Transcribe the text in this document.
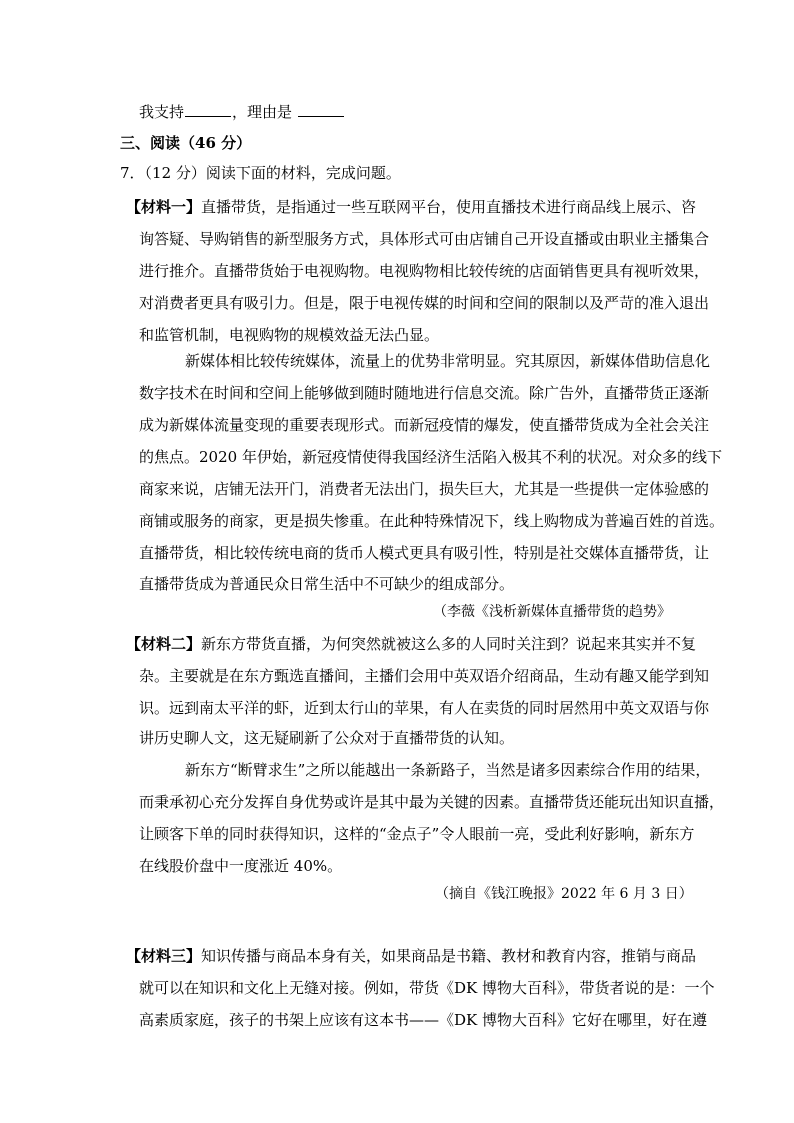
我支持	，理由是
三、阅读（46 分）
7．（12 分）阅读下面的材料，完成问题。
【材料一】直播带货，是指通过一些互联网平台，使用直播技术进行商品线上展示、咨
询答疑、导购销售的新型服务方式，具体形式可由店铺自己开设直播或由职业主播集合
进行推介。直播带货始于电视购物。电视购物相比较传统的店面销售更具有视听效果，
对消费者更具有吸引力。但是，限于电视传媒的时间和空间的限制以及严苛的准入退出
和监管机制，电视购物的规模效益无法凸显。
新媒体相比较传统媒体，流量上的优势非常明显。究其原因，新媒体借助信息化
数字技术在时间和空间上能够做到随时随地进行信息交流。除广告外，直播带货正逐渐
成为新媒体流量变现的重要表现形式。而新冠疫情的爆发，使直播带货成为全社会关注
的焦点。2020 年伊始，新冠疫情使得我国经济生活陷入极其不利的状况。对众多的线下
商家来说，店铺无法开门，消费者无法出门，损失巨大，尤其是一些提供一定体验感的
商铺或服务的商家，更是损失惨重。在此种特殊情况下，线上购物成为普遍百姓的首选。
直播带货，相比较传统电商的货币人模式更具有吸引性，特别是社交媒体直播带货，让
直播带货成为普通民众日常生活中不可缺少的组成部分。
（李薇《浅析新媒体直播带货的趋势》
【材料二】新东方带货直播，为何突然就被这么多的人同时关注到？说起来其实并不复
杂。主要就是在东方甄选直播间，主播们会用中英双语介绍商品，生动有趣又能学到知
识。远到南太平洋的虾，近到太行山的苹果，有人在卖货的同时居然用中英文双语与你
讲历史聊人文，这无疑刷新了公众对于直播带货的认知。
新东方“断臂求生”之所以能越出一条新路子，当然是诸多因素综合作用的结果，
而秉承初心充分发挥自身优势或许是其中最为关键的因素。直播带货还能玩出知识直播，
让顾客下单的同时获得知识，这样的“金点子”令人眼前一亮，受此利好影响，新东方
在线股价盘中一度涨近 40%。
（摘自《钱江晚报》2022 年 6 月 3 日）
【材料三】知识传播与商品本身有关，如果商品是书籍、教材和教育内容，推销与商品
就可以在知识和文化上无缝对接。例如，带货《DK 博物大百科》，带货者说的是：一个
高素质家庭，孩子的书架上应该有这本书——《DK 博物大百科》它好在哪里，好在遵
